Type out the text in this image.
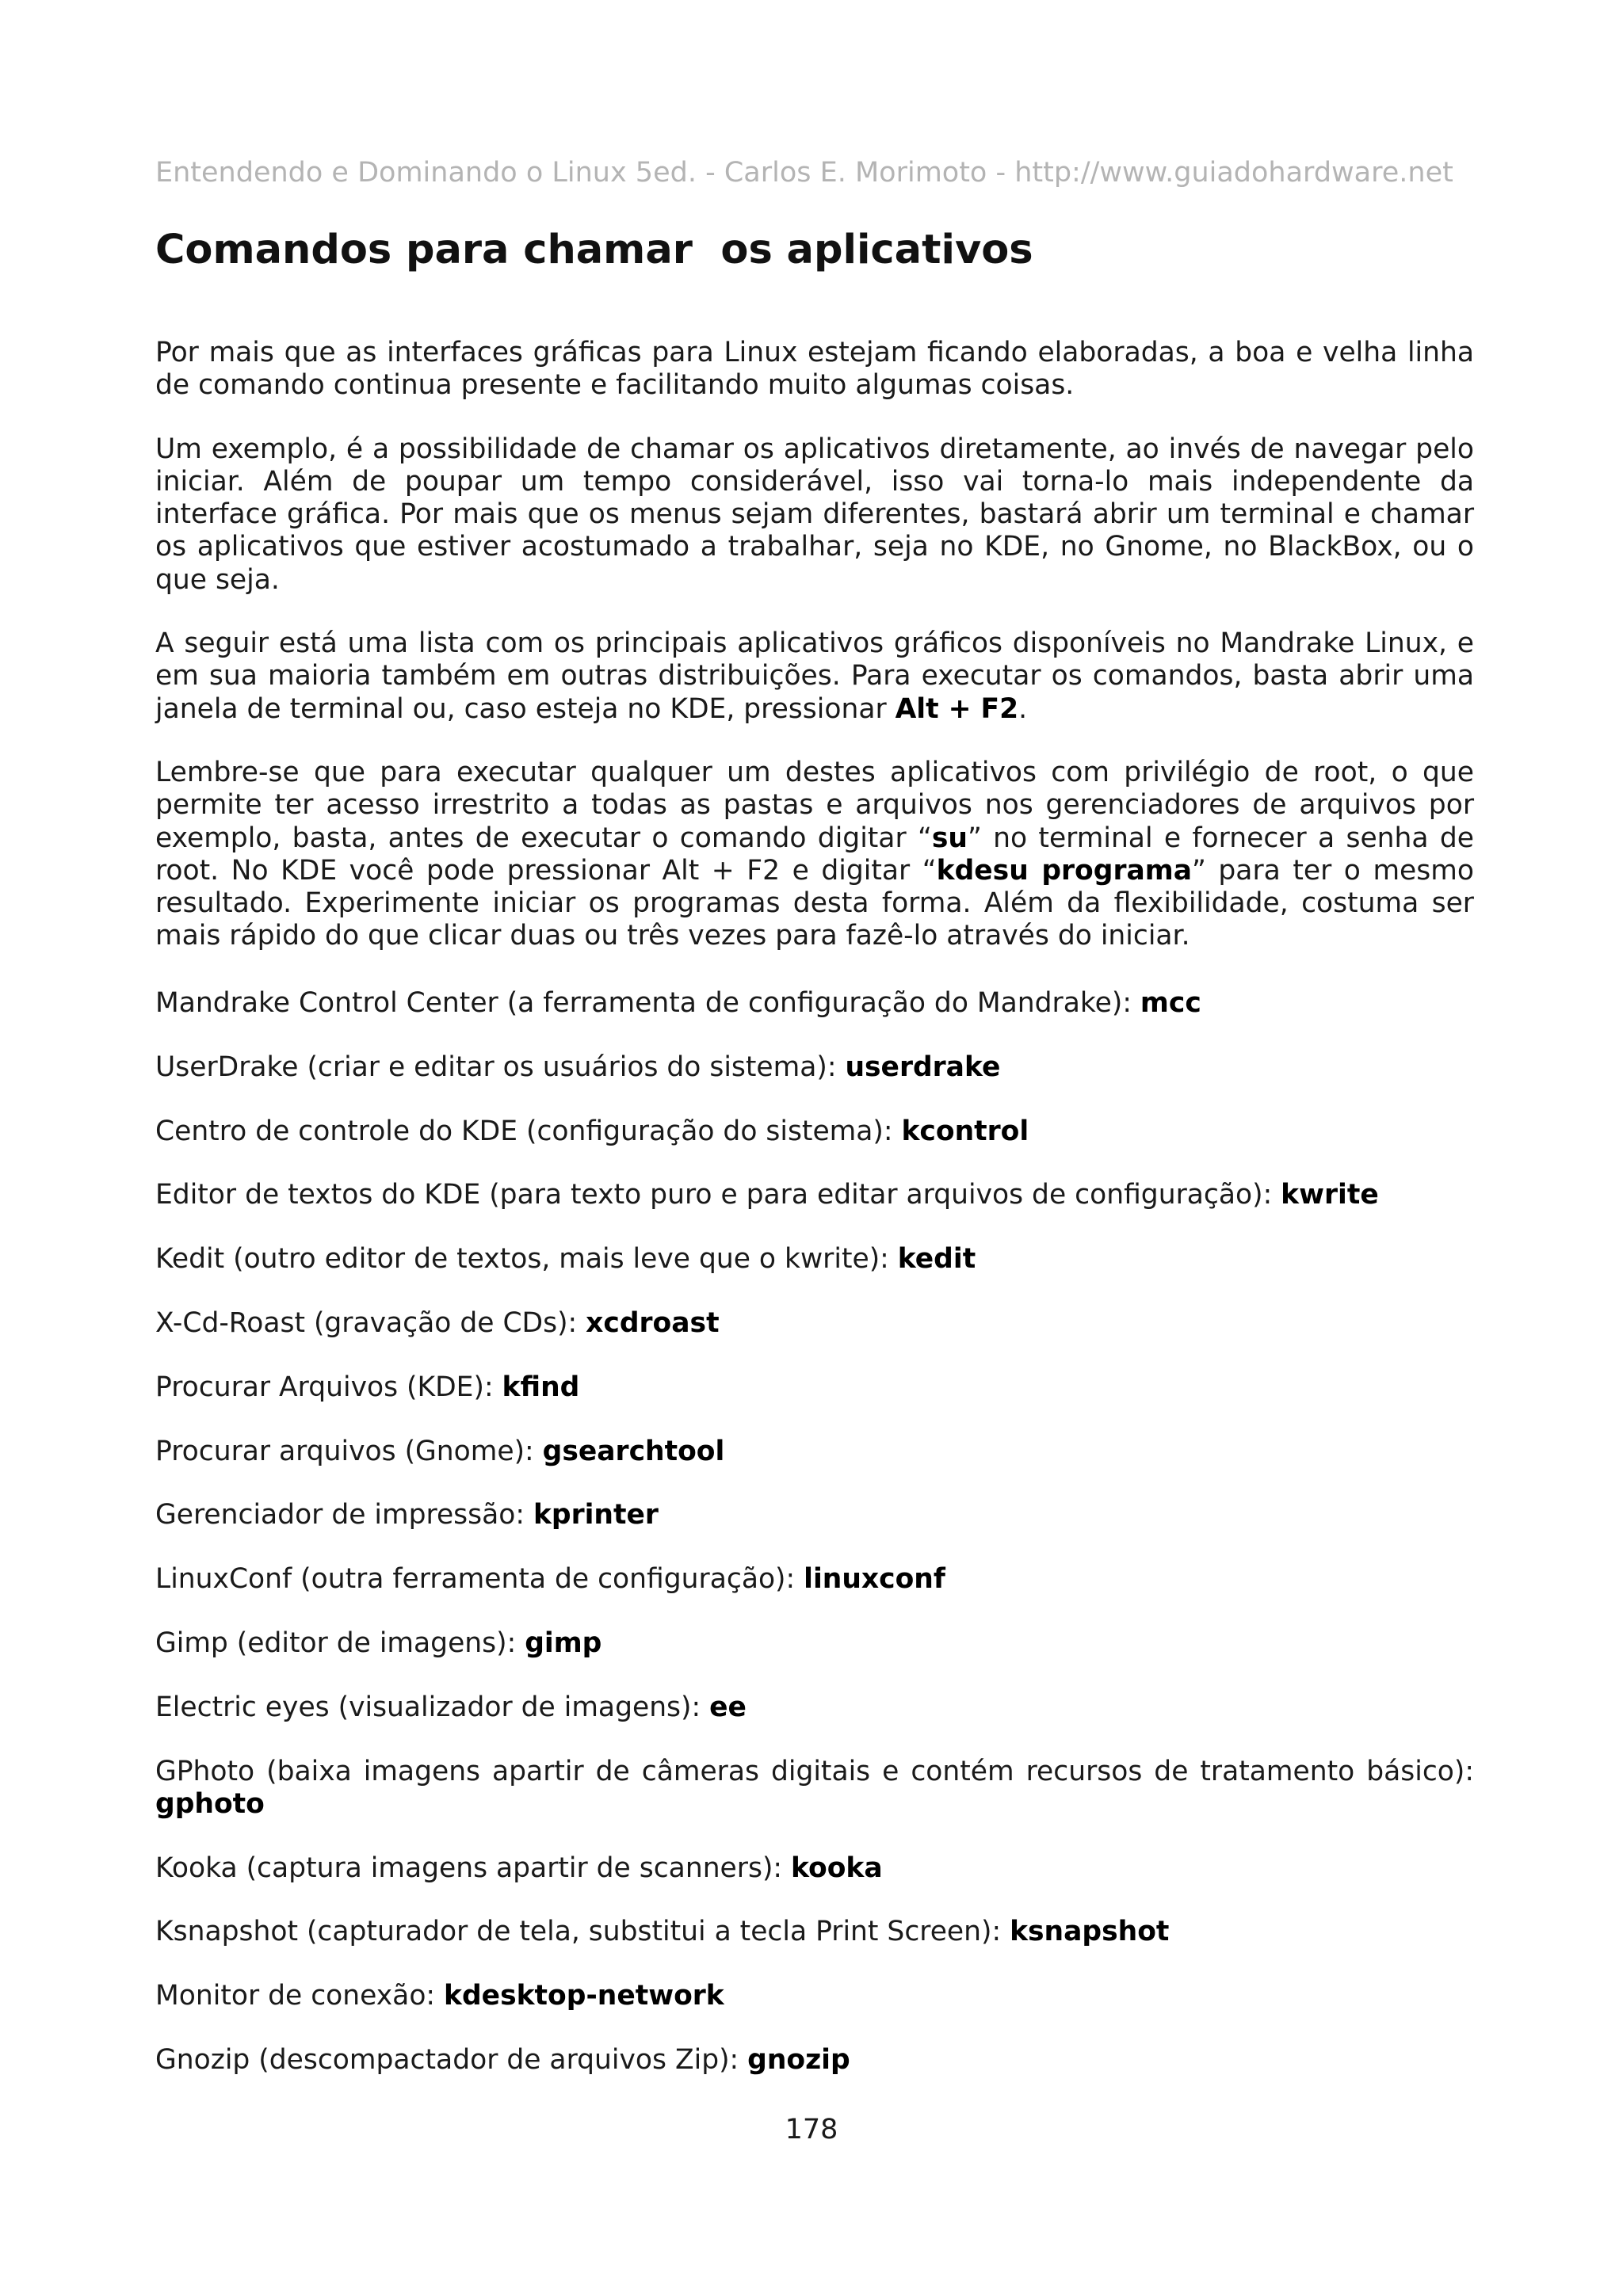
Entendendo e Dominando o Linux 5ed. - Carlos E. Morimoto - http://www.guiadohardware.net
Comandos para chamar  os aplicativos

Por mais que as interfaces gráficas para Linux estejam ficando elaboradas, a boa e velha linha de comando continua presente e facilitando muito algumas coisas.

Um exemplo, é a possibilidade de chamar os aplicativos diretamente, ao invés de navegar pelo iniciar. Além de poupar um tempo considerável, isso vai torna-lo mais independente da interface gráfica. Por mais que os menus sejam diferentes, bastará abrir um terminal e chamar os aplicativos que estiver acostumado a trabalhar, seja no KDE, no Gnome, no BlackBox, ou o que seja.

A seguir está uma lista com os principais aplicativos gráficos disponíveis no Mandrake Linux, e em sua maioria também em outras distribuições. Para executar os comandos, basta abrir uma janela de terminal ou, caso esteja no KDE, pressionar Alt + F2.

Lembre-se que para executar qualquer um destes aplicativos com privilégio de root, o que permite ter acesso irrestrito a todas as pastas e arquivos nos gerenciadores de arquivos por exemplo, basta, antes de executar o comando digitar “su” no terminal e fornecer a senha de root. No KDE você pode pressionar Alt + F2 e digitar “kdesu programa” para ter o mesmo resultado. Experimente iniciar os programas desta forma. Além da flexibilidade, costuma ser mais rápido do que clicar duas ou três vezes para fazê-lo através do iniciar.

Mandrake Control Center (a ferramenta de configuração do Mandrake): mcc
UserDrake (criar e editar os usuários do sistema): userdrake
Centro de controle do KDE (configuração do sistema): kcontrol
Editor de textos do KDE (para texto puro e para editar arquivos de configuração): kwrite
Kedit (outro editor de textos, mais leve que o kwrite): kedit
X-Cd-Roast (gravação de CDs): xcdroast
Procurar Arquivos (KDE): kfind
Procurar arquivos (Gnome): gsearchtool
Gerenciador de impressão: kprinter
LinuxConf (outra ferramenta de configuração): linuxconf
Gimp (editor de imagens): gimp
Electric eyes (visualizador de imagens): ee
GPhoto (baixa imagens apartir de câmeras digitais e contém recursos de tratamento básico): gphoto
Kooka (captura imagens apartir de scanners): kooka
Ksnapshot (capturador de tela, substitui a tecla Print Screen): ksnapshot
Monitor de conexão: kdesktop-network
Gnozip (descompactador de arquivos Zip): gnozip
178
